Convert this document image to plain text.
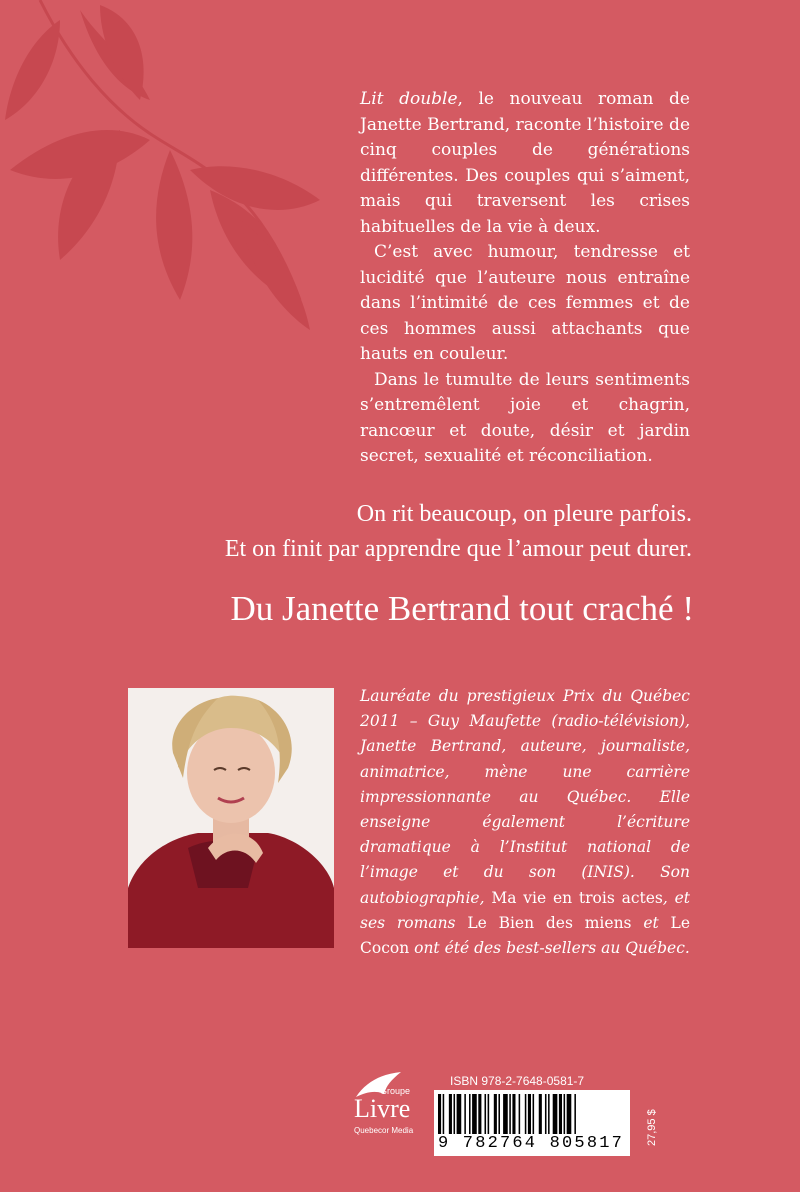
Lit double, le nouveau roman de Janette Bertrand, raconte l’histoire de cinq couples de générations différentes. Des couples qui s’aiment, mais qui traversent les crises habituelles de la vie à deux.

C’est avec humour, tendresse et lucidité que l’auteure nous entraîne dans l’intimité de ces femmes et de ces hommes aussi attachants que hauts en couleur.

Dans le tumulte de leurs sentiments s’entremêlent joie et chagrin, rancœur et doute, désir et jardin secret, sexualité et réconciliation.

On rit beaucoup, on pleure parfois.
Et on finit par apprendre que l’amour peut durer.
Du Janette Bertrand tout craché !
Lauréate du prestigieux Prix du Québec 2011 – Guy Maufette (radio-télévision), Janette Bertrand, auteure, journaliste, animatrice, mène une carrière impressionnante au Québec. Elle enseigne également l’écriture dramatique à l’Institut national de l’image et du son (INIS). Son autobiographie, Ma vie en trois actes, et ses romans Le Bien des miens et Le Cocon ont été des best-sellers au Québec.
Groupe
Livre
Quebecor Media
ISBN 978-2-7648-0581-7
9 782764 805817 27,95 $
